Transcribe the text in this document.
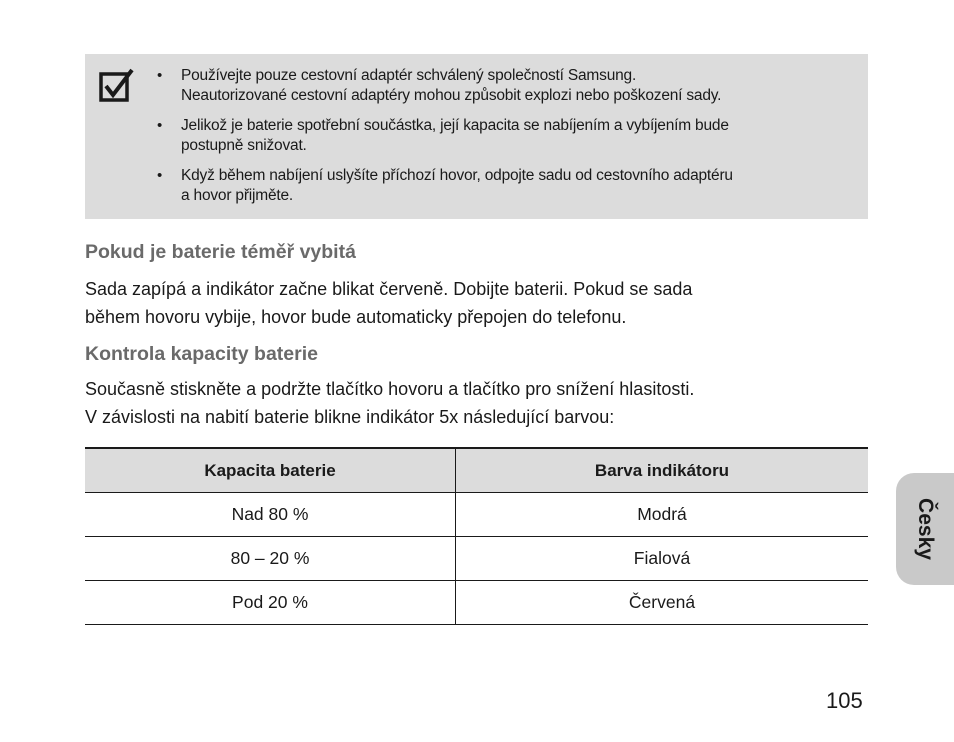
• Používejte pouze cestovní adaptér schválený společností Samsung.
Neautorizované cestovní adaptéry mohou způsobit explozi nebo poškození sady.
• Jelikož je baterie spotřební součástka, její kapacita se nabíjením a vybíjením bude
postupně snižovat.
• Když během nabíjení uslyšíte příchozí hovor, odpojte sadu od cestovního adaptéru
a hovor přijměte.
Pokud je baterie téměř vybitá

Sada zapípá a indikátor začne blikat červeně. Dobijte baterii. Pokud se sada
během hovoru vybije, hovor bude automaticky přepojen do telefonu.

Kontrola kapacity baterie

Současně stiskněte a podržte tlačítko hovoru a tlačítko pro snížení hlasitosti.
V závislosti na nabití baterie blikne indikátor 5x následující barvou:

Kapacita baterie	Barva indikátoru
Nad 80 %	Modrá
80 – 20 %	Fialová
Pod 20 %	Červená
Česky
105
